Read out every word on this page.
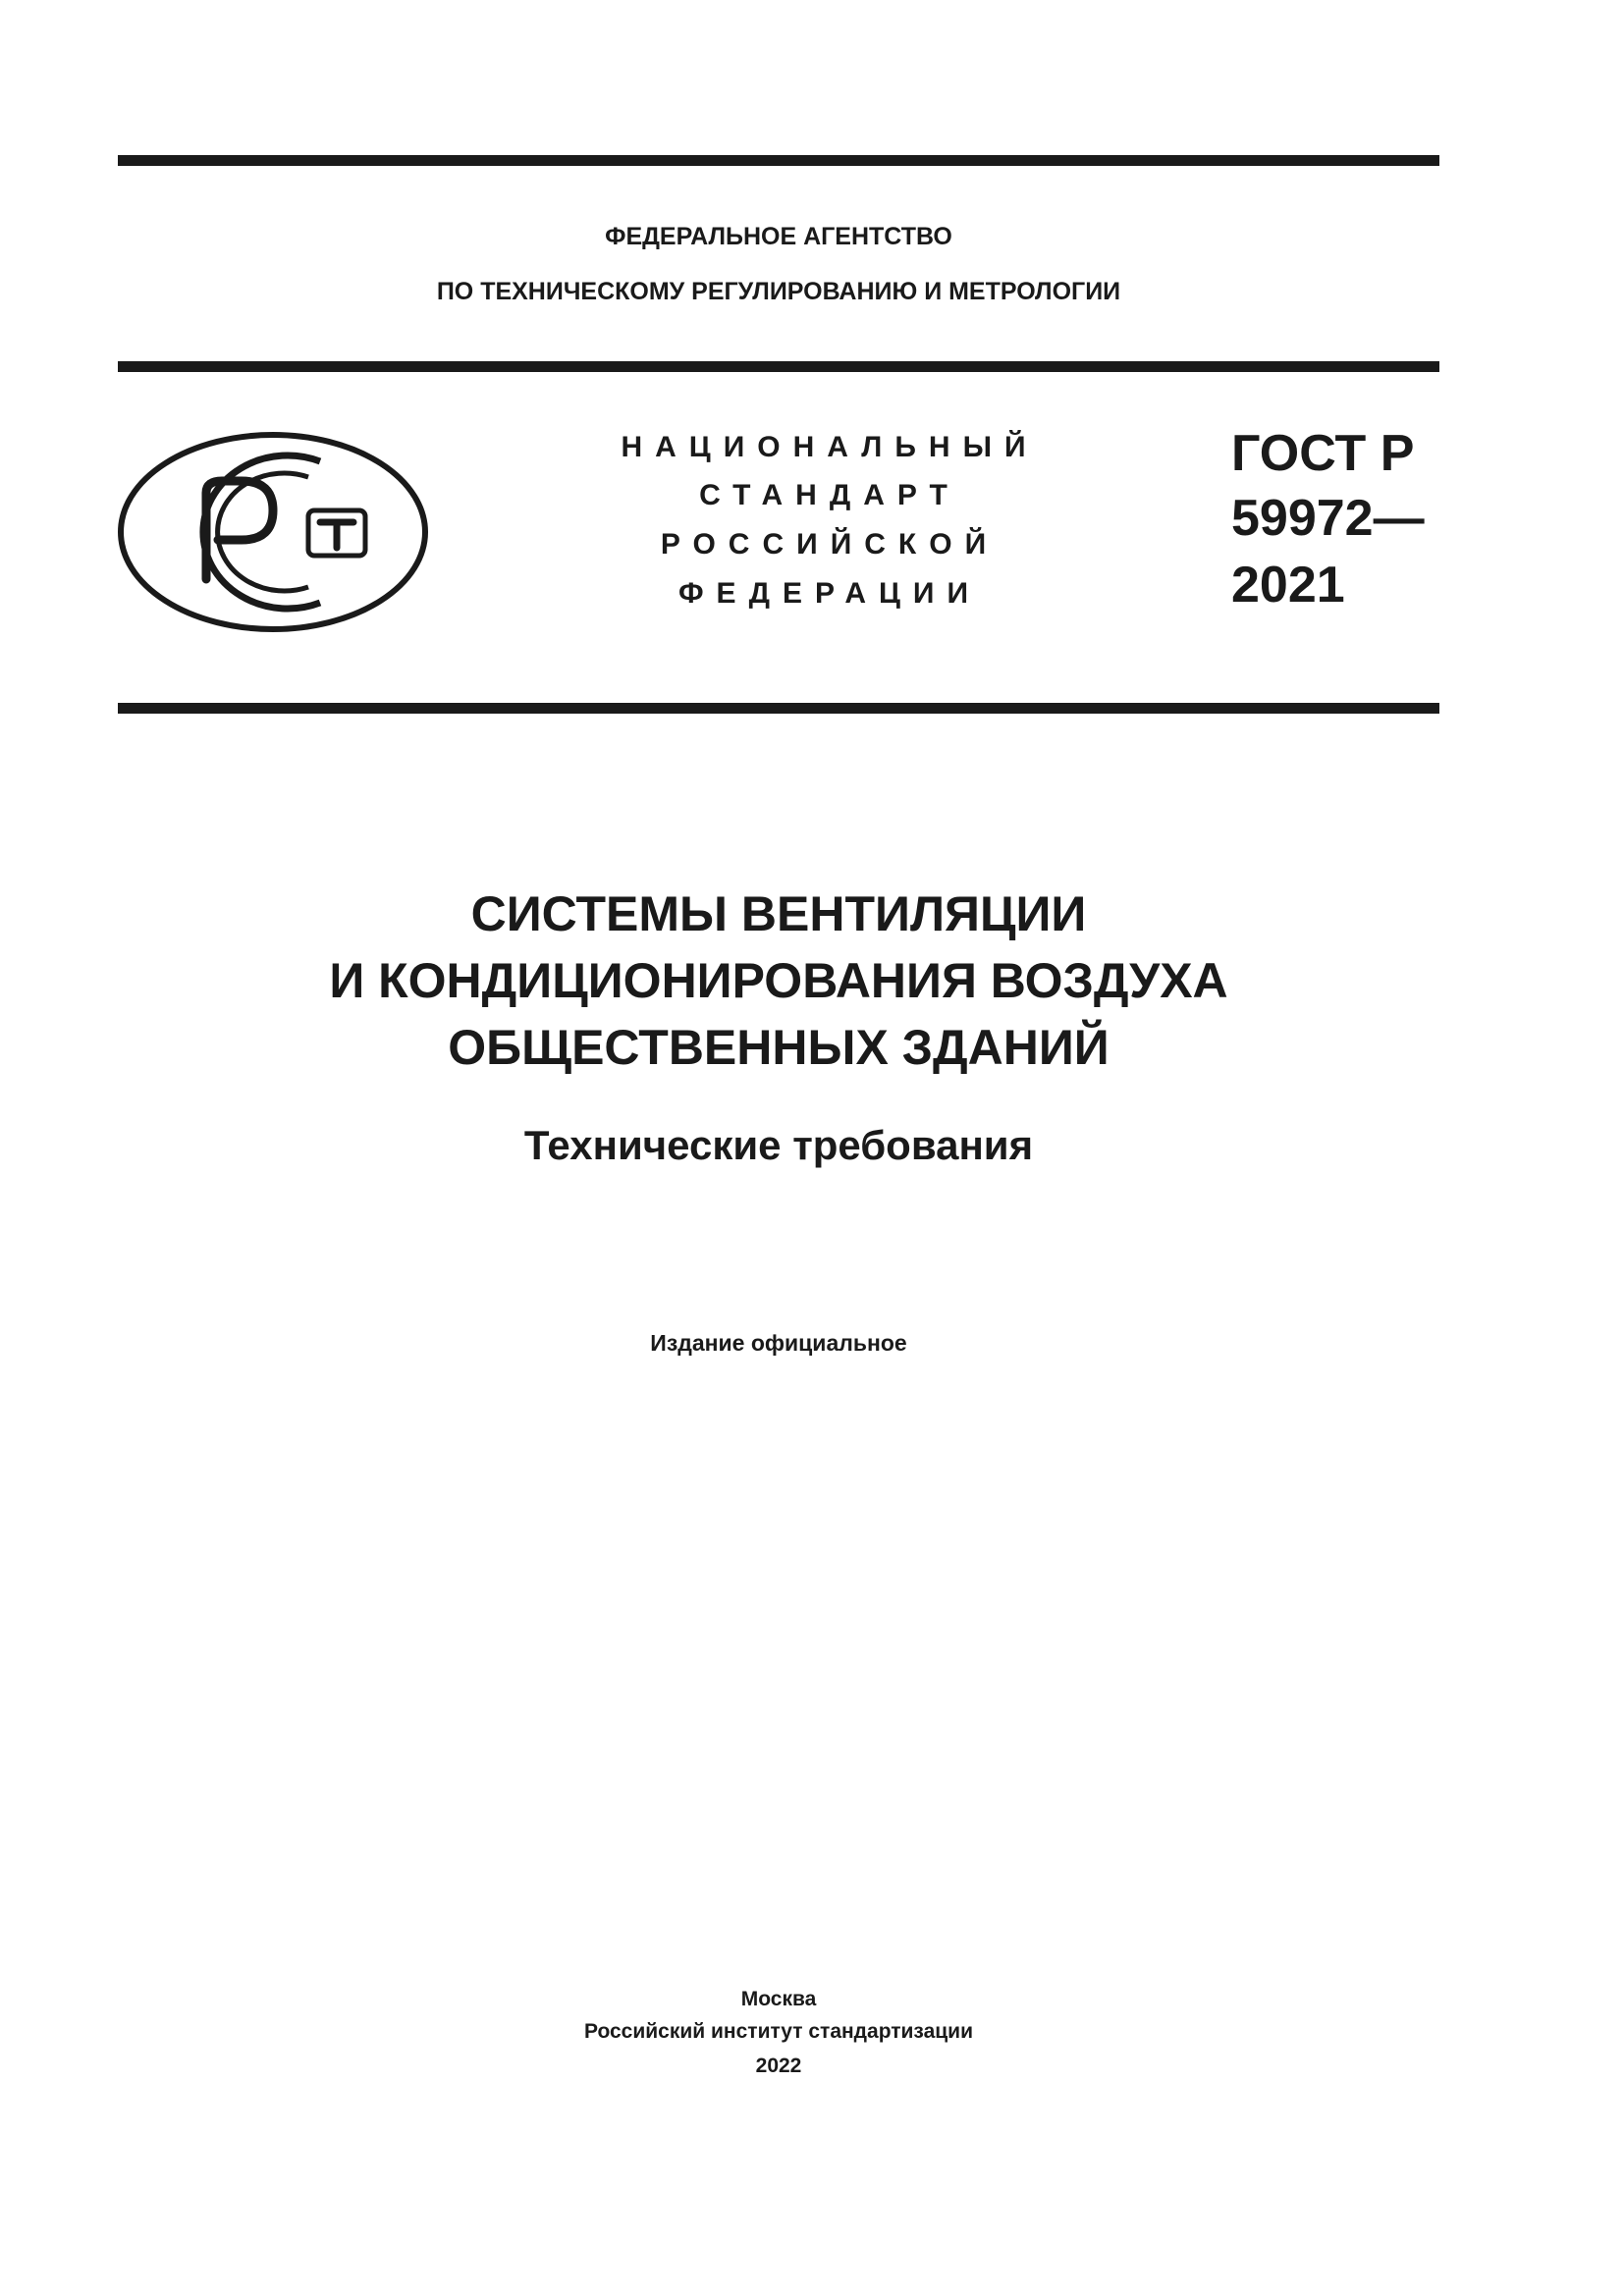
ФЕДЕРАЛЬНОЕ АГЕНТСТВО
ПО ТЕХНИЧЕСКОМУ РЕГУЛИРОВАНИЮ И МЕТРОЛОГИИ
НАЦИОНАЛЬНЫЙ
СТАНДАРТ
РОССИЙСКОЙ
ФЕДЕРАЦИИ
ГОСТ Р
59972—
2021
СИСТЕМЫ ВЕНТИЛЯЦИИ
И КОНДИЦИОНИРОВАНИЯ ВОЗДУХА
ОБЩЕСТВЕННЫХ ЗДАНИЙ
Технические требования
Издание официальное
Москва
Российский институт стандартизации
2022
